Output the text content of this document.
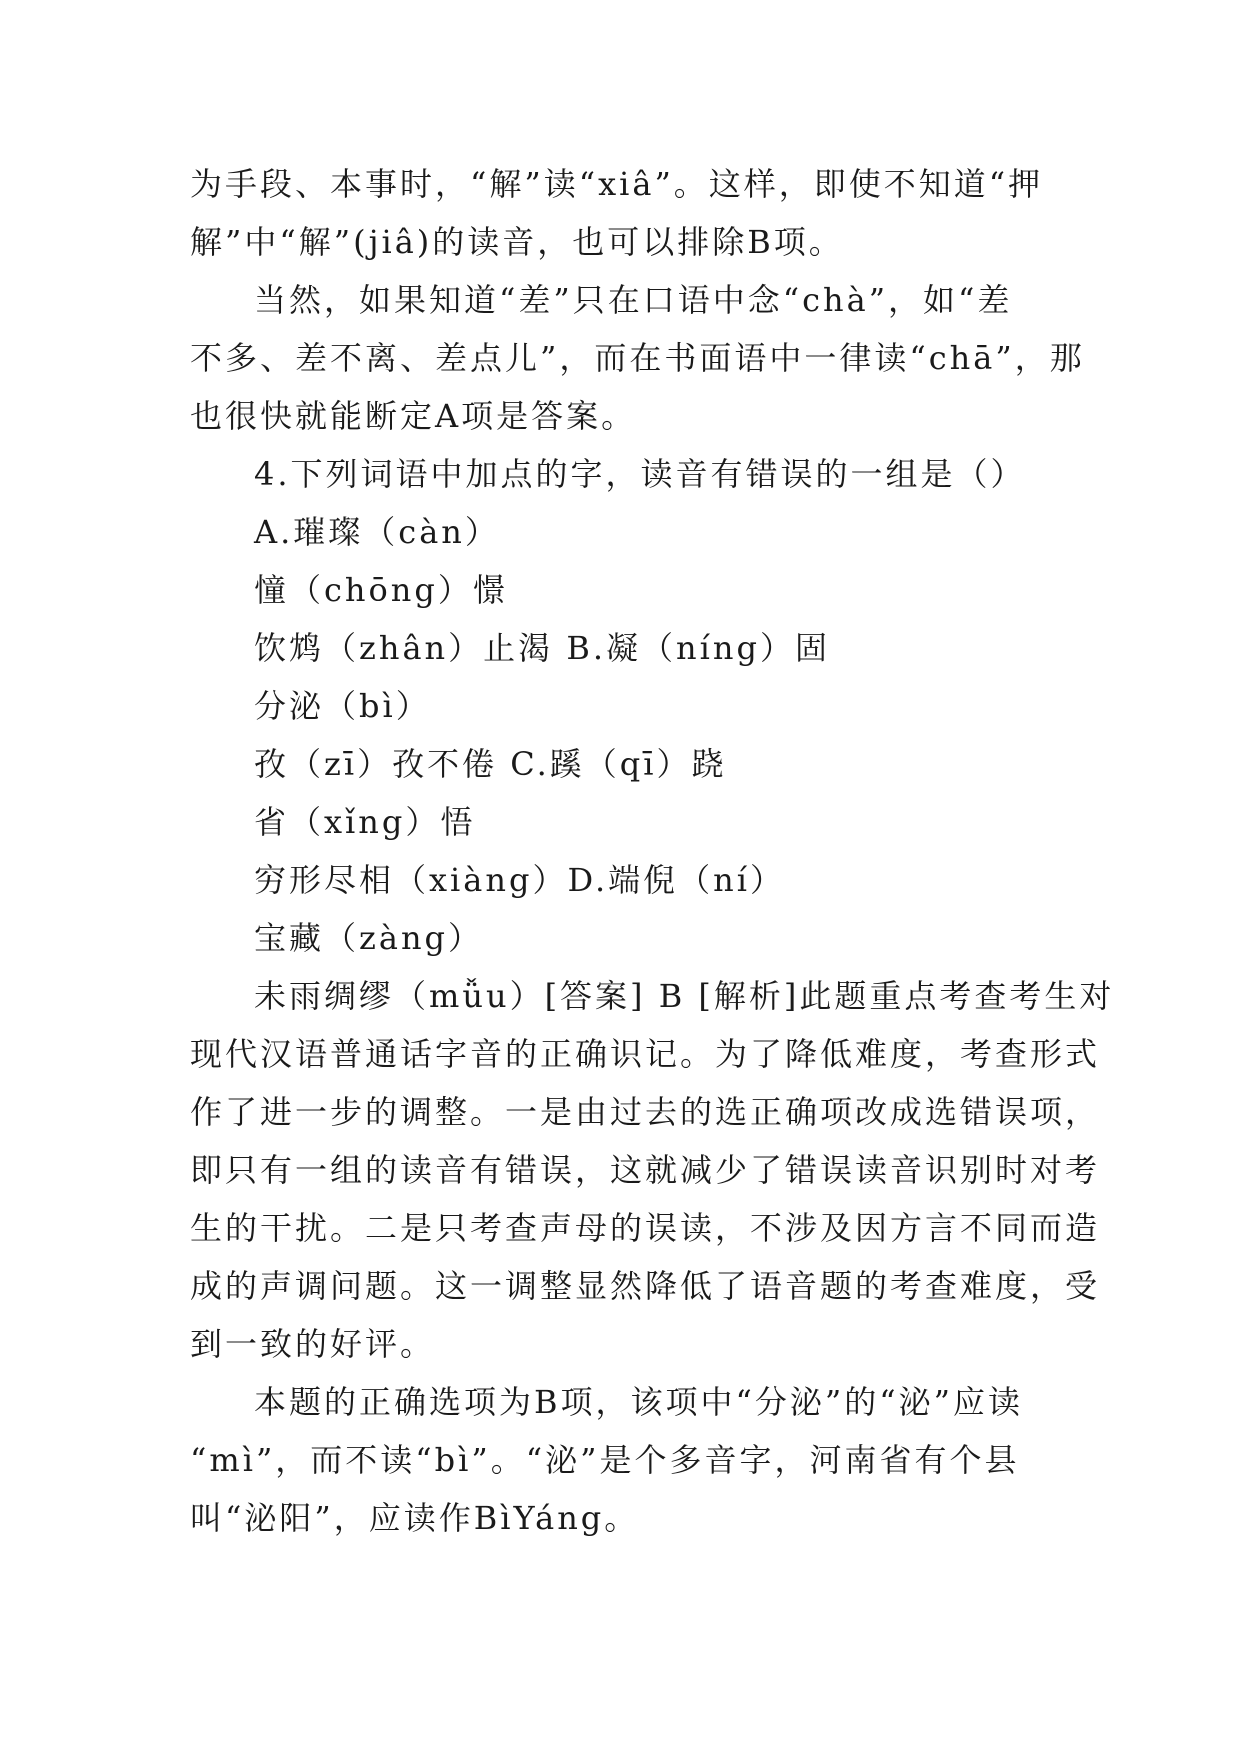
为手段、本事时，“解”读“xiâ”。这样，即使不知道“押
解”中“解”(jiâ)的读音，也可以排除B项。
当然，如果知道“差”只在口语中念“chà”，如“差
不多、差不离、差点儿”，而在书面语中一律读“chā”，那
也很快就能断定A项是答案。
4.下列词语中加点的字，读音有错误的一组是（）
A.璀璨（càn）
憧（chōng）憬
饮鸩（zhân）止渴 B.凝（níng）固
分泌（bì）
孜（zī）孜不倦 C.蹊（qī）跷
省（xǐng）悟
穷形尽相（xiàng）D.端倪（ní）
宝藏（zàng）
未雨绸缪（mǚu）[答案] B [解析]此题重点考查考生对
现代汉语普通话字音的正确识记。为了降低难度，考查形式
作了进一步的调整。一是由过去的选正确项改成选错误项，
即只有一组的读音有错误，这就减少了错误读音识别时对考
生的干扰。二是只考查声母的误读，不涉及因方言不同而造
成的声调问题。这一调整显然降低了语音题的考查难度，受
到一致的好评。
本题的正确选项为B项，该项中“分泌”的“泌”应读
“mì”，而不读“bì”。“泌”是个多音字，河南省有个县
叫“泌阳”，应读作BìYáng。
